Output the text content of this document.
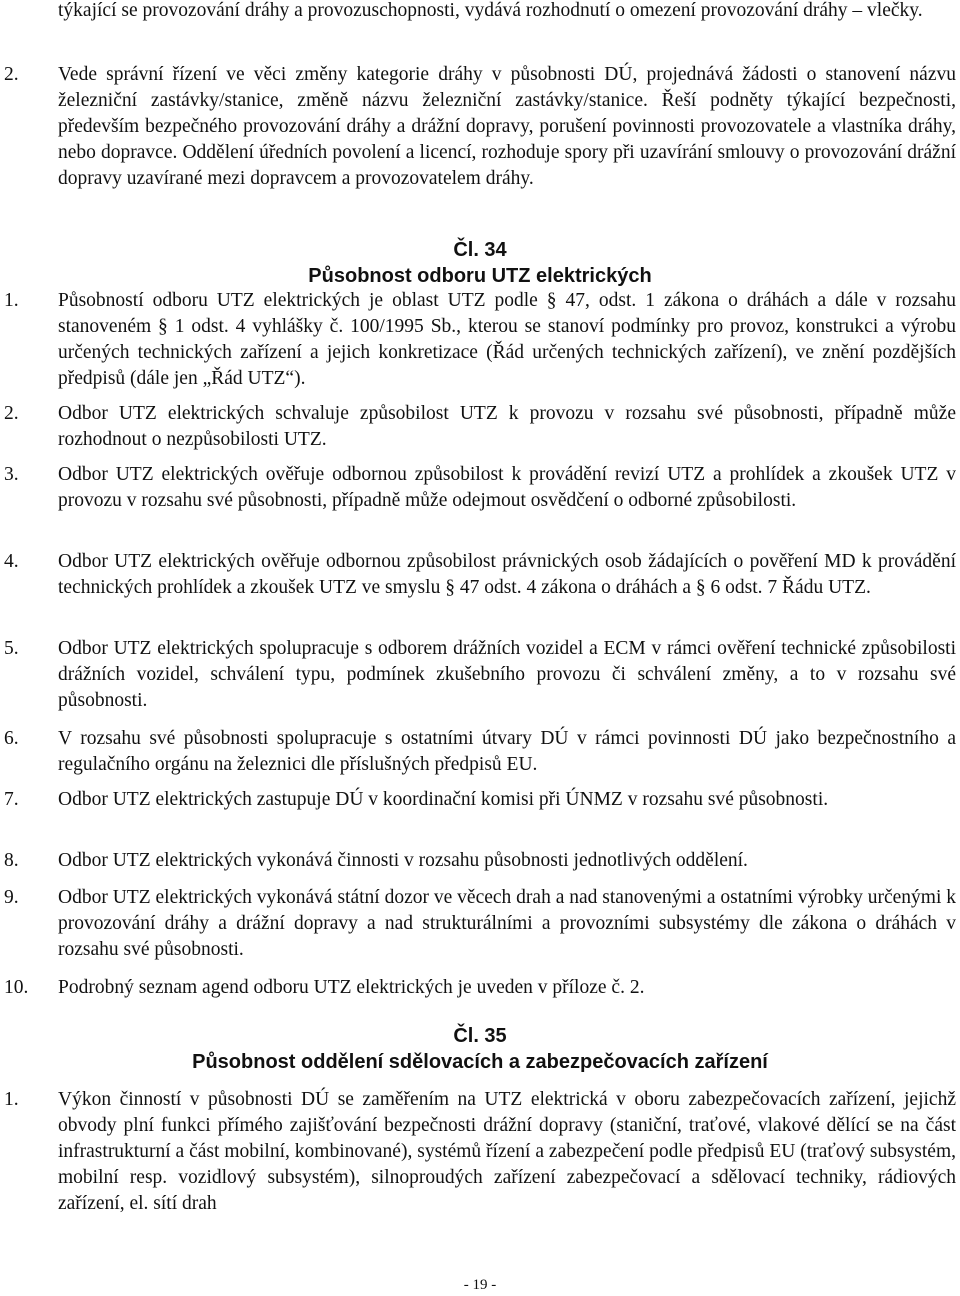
týkající se provozování dráhy a provozuschopnosti, vydává rozhodnutí o omezení provozování dráhy – vlečky.
2.	Vede správní řízení ve věci změny kategorie dráhy v působnosti DÚ, projednává žádosti o stanovení názvu železniční zastávky/stanice, změně názvu železniční zastávky/stanice. Řeší podněty týkající bezpečnosti, především bezpečného provozování dráhy a drážní dopravy, porušení povinnosti provozovatele a vlastníka dráhy, nebo dopravce. Oddělení úředních povolení a licencí, rozhoduje spory při uzavírání smlouvy o provozování drážní dopravy uzavírané mezi dopravcem a provozovatelem dráhy.
Čl. 34
Působnost odboru UTZ elektrických
1.	Působností odboru UTZ elektrických je oblast UTZ podle § 47, odst. 1 zákona o dráhách a dále v rozsahu stanoveném § 1 odst. 4 vyhlášky č. 100/1995 Sb., kterou se stanoví podmínky pro provoz, konstrukci a výrobu určených technických zařízení a jejich konkretizace (Řád určených technických zařízení), ve znění pozdějších předpisů (dále jen „Řád UTZ“).
2.	Odbor UTZ elektrických schvaluje způsobilost UTZ k provozu v rozsahu své působnosti, případně může rozhodnout o nezpůsobilosti UTZ.
3.	Odbor UTZ elektrických ověřuje odbornou způsobilost k provádění revizí UTZ a prohlídek a zkoušek UTZ v provozu v rozsahu své působnosti, případně může odejmout osvědčení o odborné způsobilosti.
4.	Odbor UTZ elektrických ověřuje odbornou způsobilost právnických osob žádajících o pověření MD k provádění technických prohlídek a zkoušek UTZ ve smyslu § 47 odst. 4 zákona o dráhách a § 6 odst. 7 Řádu UTZ.
5.	Odbor UTZ elektrických spolupracuje s odborem drážních vozidel a ECM v rámci ověření technické způsobilosti drážních vozidel, schválení typu, podmínek zkušebního provozu či schválení změny, a to v rozsahu své působnosti.
6.	V rozsahu své působnosti spolupracuje s ostatními útvary DÚ v rámci povinnosti DÚ jako bezpečnostního a regulačního orgánu na železnici dle příslušných předpisů EU.
7.	Odbor UTZ elektrických zastupuje DÚ v koordinační komisi při ÚNMZ v rozsahu své působnosti.
8.	Odbor UTZ elektrických vykonává činnosti v rozsahu působnosti jednotlivých oddělení.
9.	Odbor UTZ elektrických vykonává státní dozor ve věcech drah a nad stanovenými a ostatními výrobky určenými k provozování dráhy a drážní dopravy a nad strukturálními a provozními subsystémy dle zákona o dráhách v rozsahu své působnosti.
10.	Podrobný seznam agend odboru UTZ elektrických je uveden v příloze č. 2.
Čl. 35
Působnost oddělení sdělovacích a zabezpečovacích zařízení
1.	Výkon činností v působnosti DÚ se zaměřením na UTZ elektrická v oboru zabezpečovacích zařízení, jejichž obvody plní funkci přímého zajišťování bezpečnosti drážní dopravy (staniční, traťové, vlakové dělící se na část infrastrukturní a část mobilní, kombinované), systémů řízení a zabezpečení podle předpisů EU (traťový subsystém, mobilní resp. vozidlový subsystém), silnoproudých zařízení zabezpečovací a sdělovací techniky, rádiových zařízení, el. sítí drah
- 19 -
